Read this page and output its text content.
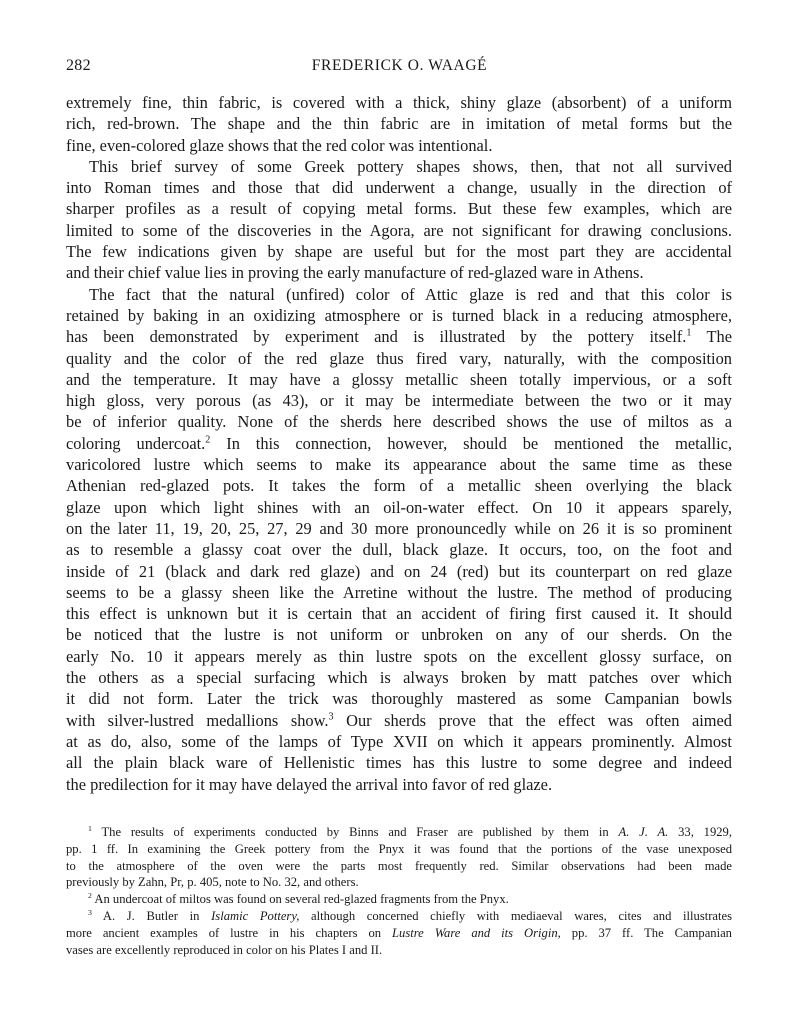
282	FREDERICK O. WAAGÉ
extremely fine, thin fabric, is covered with a thick, shiny glaze (absorbent) of a uniform
rich, red-brown. The shape and the thin fabric are in imitation of metal forms but the
fine, even-colored glaze shows that the red color was intentional.
This brief survey of some Greek pottery shapes shows, then, that not all survived
into Roman times and those that did underwent a change, usually in the direction of
sharper profiles as a result of copying metal forms. But these few examples, which are
limited to some of the discoveries in the Agora, are not significant for drawing conclusions.
The few indications given by shape are useful but for the most part they are accidental
and their chief value lies in proving the early manufacture of red-glazed ware in Athens.
The fact that the natural (unfired) color of Attic glaze is red and that this color is
retained by baking in an oxidizing atmosphere or is turned black in a reducing atmosphere,
has been demonstrated by experiment and is illustrated by the pottery itself.$^1$ The
quality and the color of the red glaze thus fired vary, naturally, with the composition
and the temperature. It may have a glossy metallic sheen totally impervious, or a soft
high gloss, very porous (as 43), or it may be intermediate between the two or it may
be of inferior quality. None of the sherds here described shows the use of miltos as a
coloring undercoat.$^2$ In this connection, however, should be mentioned the metallic,
varicolored lustre which seems to make its appearance about the same time as these
Athenian red-glazed pots. It takes the form of a metallic sheen overlying the black
glaze upon which light shines with an oil-on-water effect. On 10 it appears sparely,
on the later 11, 19, 20, 25, 27, 29 and 30 more pronouncedly while on 26 it is so prominent
as to resemble a glassy coat over the dull, black glaze. It occurs, too, on the foot and
inside of 21 (black and dark red glaze) and on 24 (red) but its counterpart on red glaze
seems to be a glassy sheen like the Arretine without the lustre. The method of producing
this effect is unknown but it is certain that an accident of firing first caused it. It should
be noticed that the lustre is not uniform or unbroken on any of our sherds. On the
early No. 10 it appears merely as thin lustre spots on the excellent glossy surface, on
the others as a special surfacing which is always broken by matt patches over which
it did not form. Later the trick was thoroughly mastered as some Campanian bowls
with silver-lustred medallions show.$^3$ Our sherds prove that the effect was often aimed
at as do, also, some of the lamps of Type XVII on which it appears prominently. Almost
all the plain black ware of Hellenistic times has this lustre to some degree and indeed
the predilection for it may have delayed the arrival into favor of red glaze.
$^1$ The results of experiments conducted by Binns and Fraser are published by them in A. J. A. 33, 1929,
pp. 1 ff. In examining the Greek pottery from the Pnyx it was found that the portions of the vase unexposed
to the atmosphere of the oven were the parts most frequently red. Similar observations had been made
previously by Zahn, Pr, p. 405, note to No. 32, and others.
$^2$ An undercoat of miltos was found on several red-glazed fragments from the Pnyx.
$^3$ A. J. Butler in Islamic Pottery, although concerned chiefly with mediaeval wares, cites and illustrates
more ancient examples of lustre in his chapters on Lustre Ware and its Origin, pp. 37 ff. The Campanian
vases are excellently reproduced in color on his Plates I and II.
